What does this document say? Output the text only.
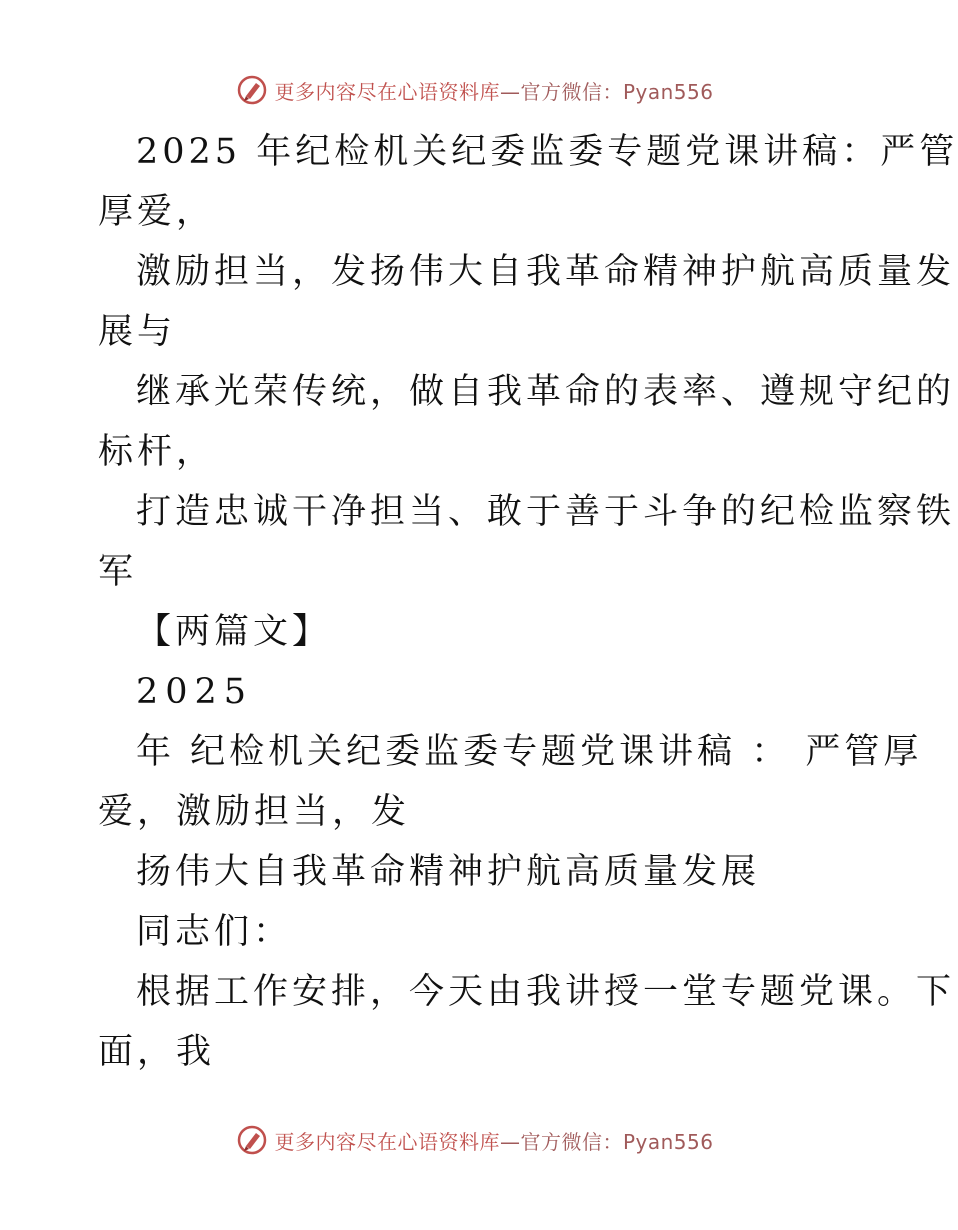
更多内容尽在心语资料库—官方微信：Pyan556
2025 年纪检机关纪委监委专题党课讲稿：严管
厚爱，
激励担当，发扬伟大自我革命精神护航高质量发
展与
继承光荣传统，做自我革命的表率、遵规守纪的
标杆，
打造忠诚干净担当、敢于善于斗争的纪检监察铁
军
【两篇文】
2025
年 纪检机关纪委监委专题党课讲稿 ： 严管厚
爱，激励担当，发
扬伟大自我革命精神护航高质量发展
同志们：
根据工作安排，今天由我讲授一堂专题党课。下
面，我
更多内容尽在心语资料库—官方微信：Pyan556
